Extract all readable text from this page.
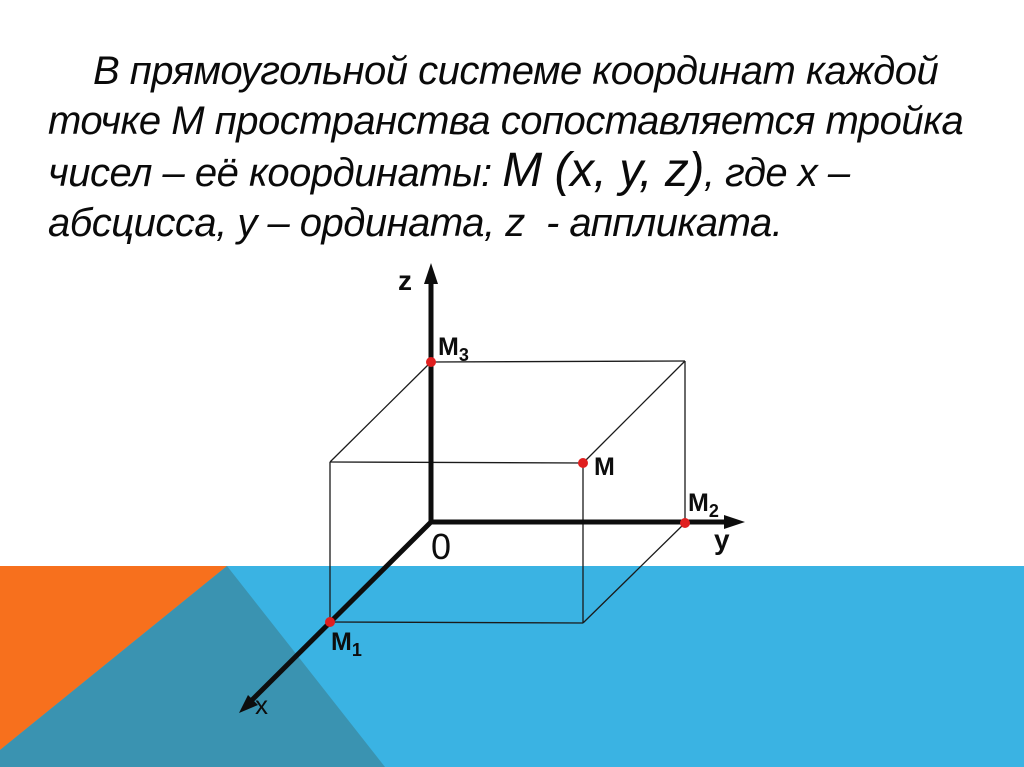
В прямоугольной системе координат каждой
точке М пространства сопоставляется тройка
чисел – её координаты: М (x, y, z), где x –
абсцисса, y – ордината, z  - аппликата.
z
y
x
0
$M_3$
M
$M_2$
$M_1$
